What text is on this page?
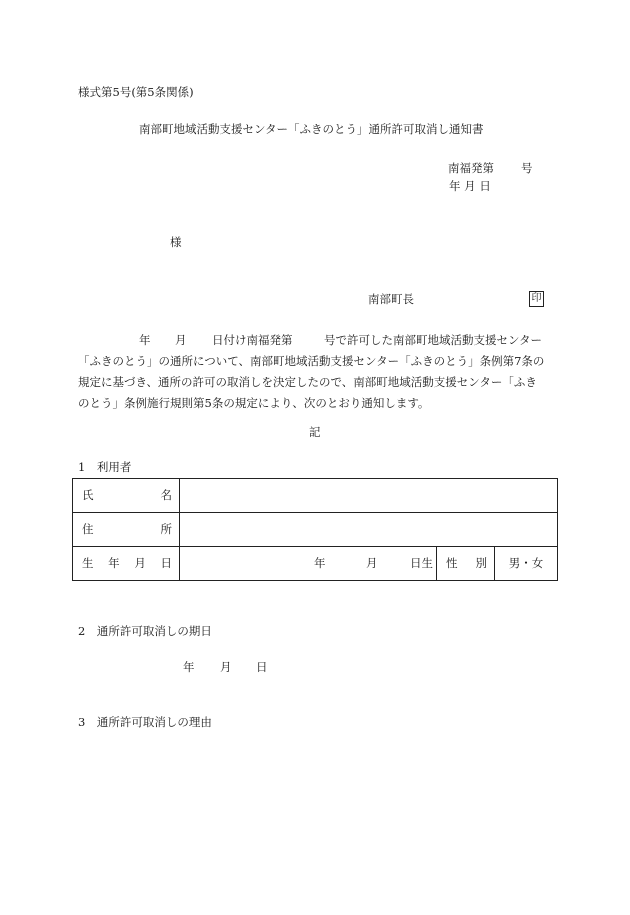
様式第5号(第5条関係)
南部町地域活動支援センター「ふきのとう」通所許可取消し通知書
南福発第 号
年 月 日
様
南部町長	印
年 月 日付け南福発第	号で許可した南部町地域活動支援センター
「ふきのとう」の通所について、南部町地域活動支援センター「ふきのとう」条例第7条の
規定に基づき、通所の許可の取消しを決定したので、南部町地域活動支援センター「ふき
のとう」条例施行規則第5条の規定により、次のとおり通知します。
記
1　利用者
氏 名			

住 所			

生 年 月 日	年 月 日生	性 別	男・女
2　通所許可取消しの期日
年 月 日
3　通所許可取消しの理由
